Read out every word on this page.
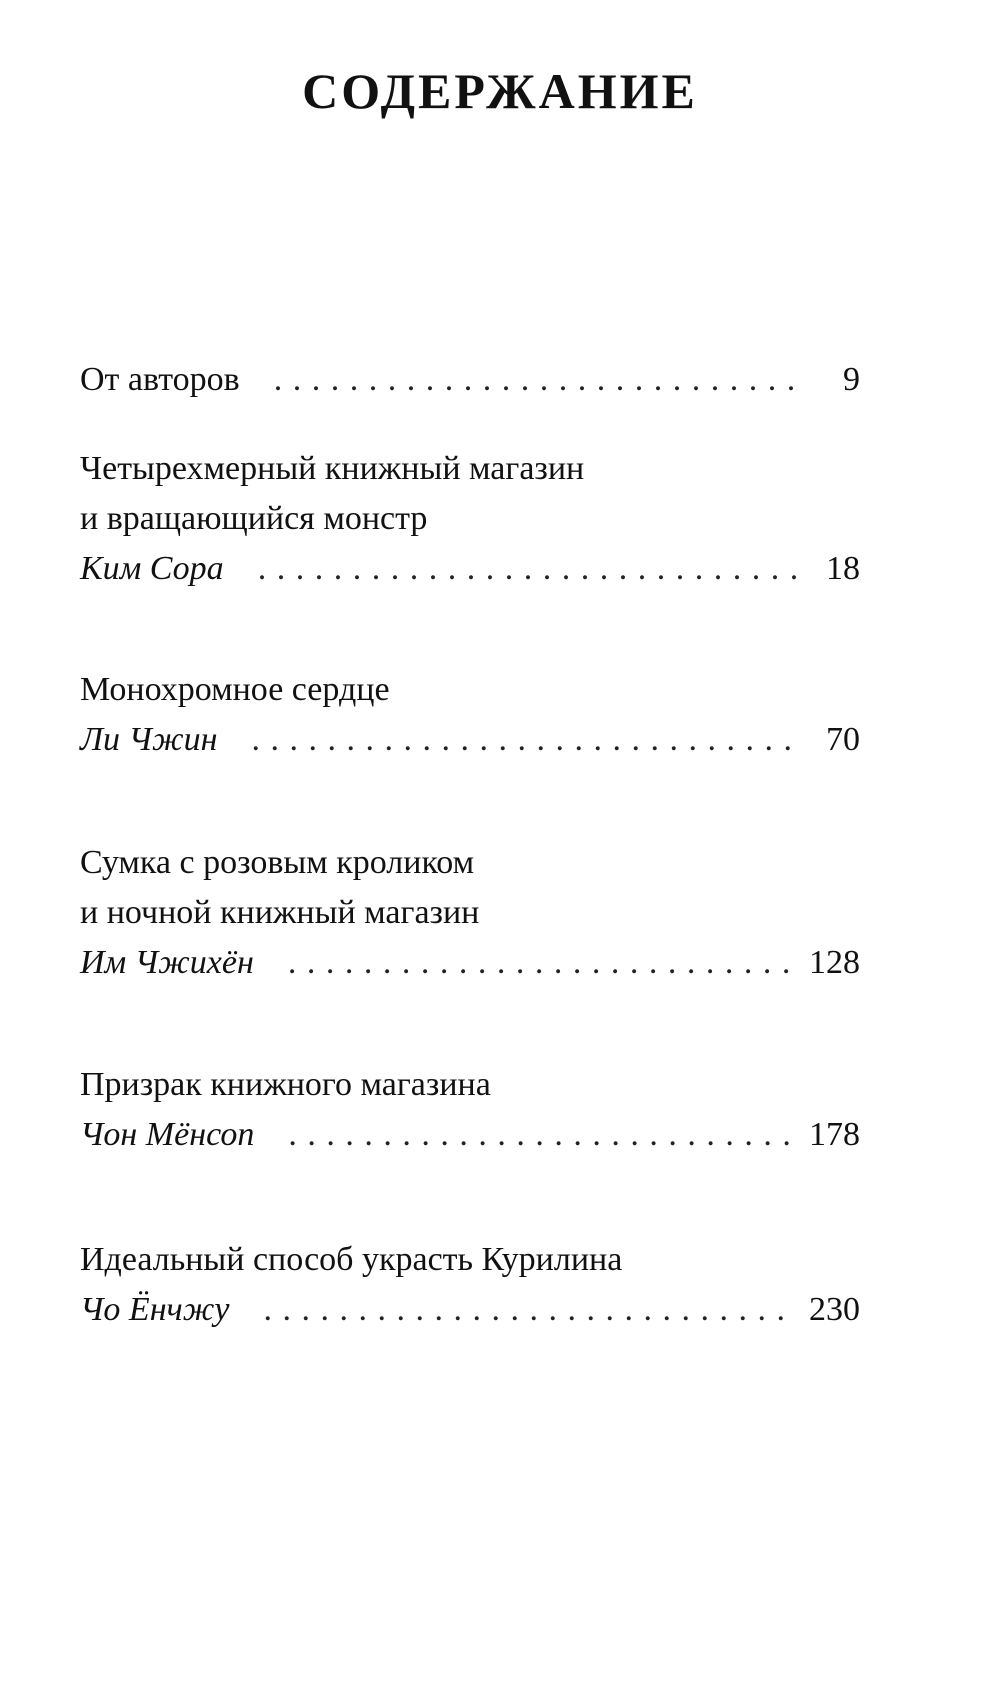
СОДЕРЖАНИЕ
От авторов . . .	9
Четырехмерный книжный магазин
и вращающийся монстр
Ким Сора . . .	18
Монохромное сердце
Ли Чжин . . .	70
Сумка с розовым кроликом
и ночной книжный магазин
Им Чжихён . . .	128
Призрак книжного магазина
Чон Мёнсоп . . .	178
Идеальный способ украсть Курилина
Чо Ёнчжу . . .	230
